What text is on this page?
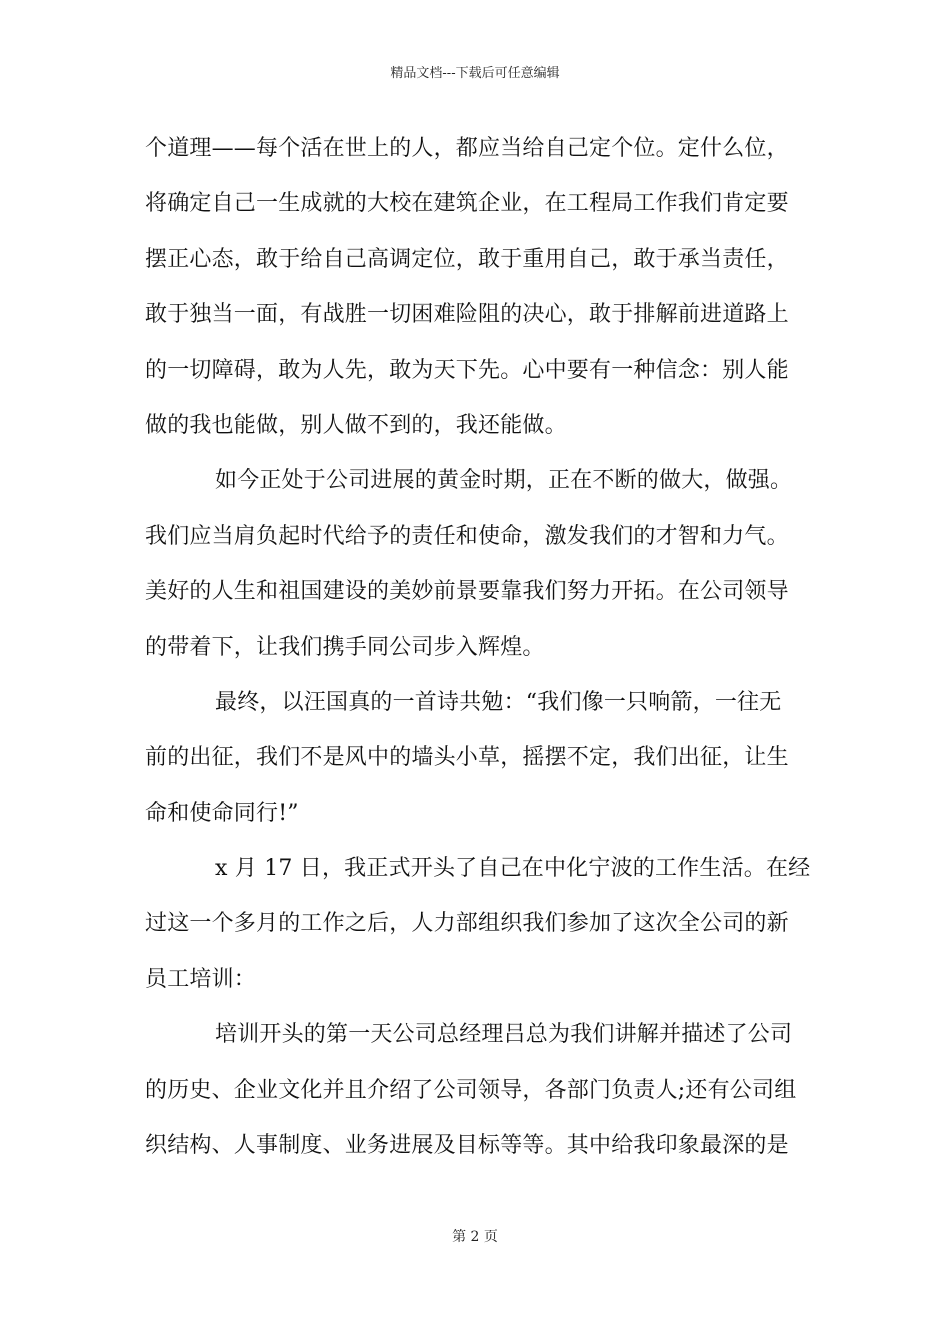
精品文档---下载后可任意编辑
个道理——每个活在世上的人，都应当给自己定个位。定什么位，
将确定自己一生成就的大校在建筑企业，在工程局工作我们肯定要
摆正心态，敢于给自己高调定位，敢于重用自己，敢于承当责任，
敢于独当一面，有战胜一切困难险阻的决心，敢于排解前进道路上
的一切障碍，敢为人先，敢为天下先。心中要有一种信念：别人能
做的我也能做，别人做不到的，我还能做。
如今正处于公司进展的黄金时期，正在不断的做大，做强。
我们应当肩负起时代给予的责任和使命，激发我们的才智和力气。
美好的人生和祖国建设的美妙前景要靠我们努力开拓。在公司领导
的带着下，让我们携手同公司步入辉煌。
最终，以汪国真的一首诗共勉：“我们像一只响箭，一往无
前的出征，我们不是风中的墙头小草，摇摆不定，我们出征，让生
命和使命同行!”
x 月 17 日，我正式开头了自己在中化宁波的工作生活。在经
过这一个多月的工作之后，人力部组织我们参加了这次全公司的新
员工培训：
培训开头的第一天公司总经理吕总为我们讲解并描述了公司
的历史、企业文化并且介绍了公司领导，各部门负责人;还有公司组
织结构、人事制度、业务进展及目标等等。其中给我印象最深的是
第 2 页
